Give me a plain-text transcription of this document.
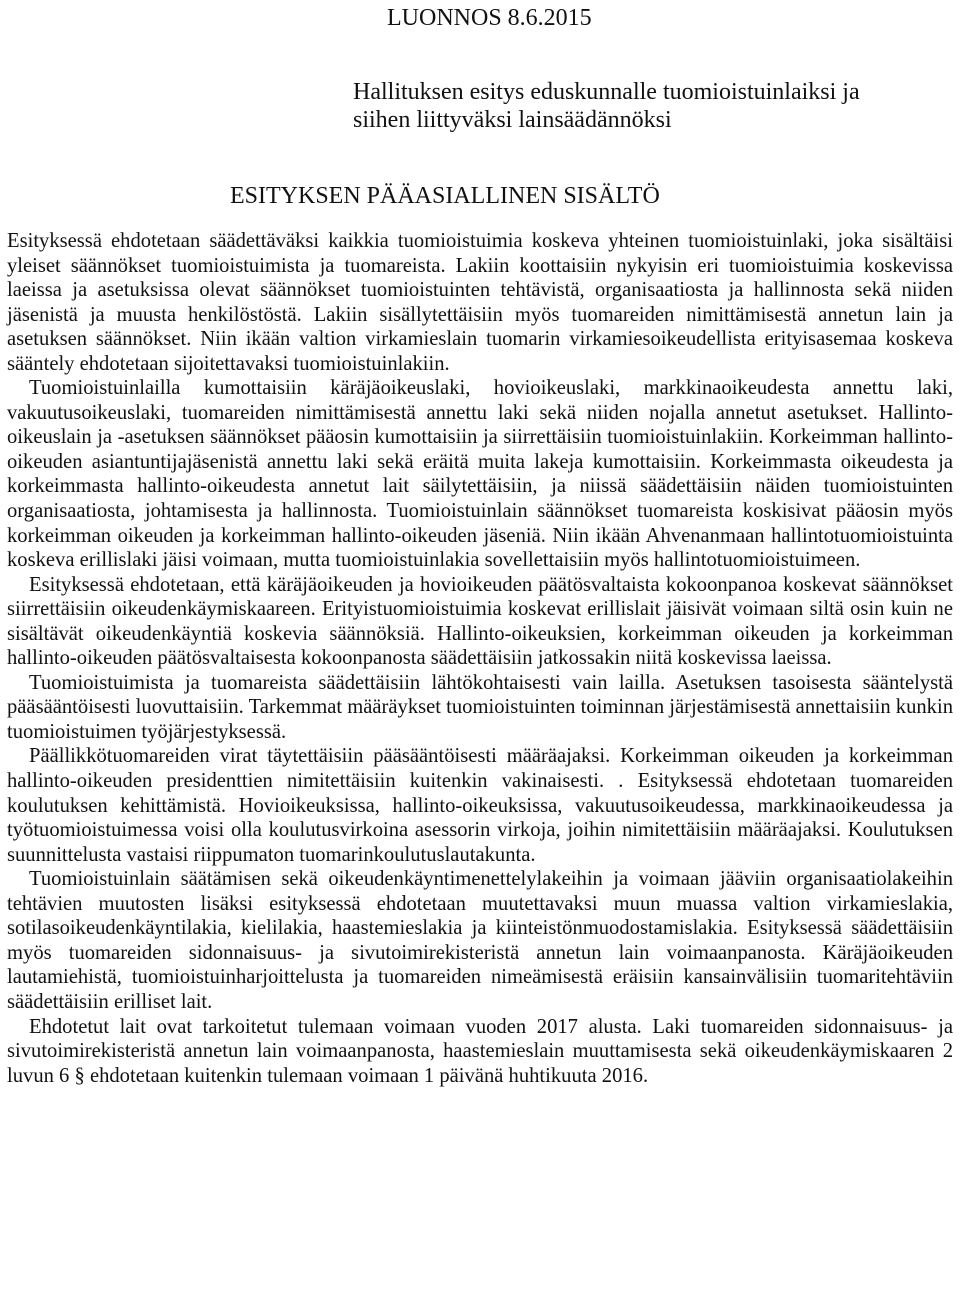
LUONNOS 8.6.2015
Hallituksen esitys eduskunnalle tuomioistuinlaiksi ja
siihen liittyväksi lainsäädännöksi
ESITYKSEN PÄÄASIALLINEN SISÄLTÖ

Esityksessä ehdotetaan säädettäväksi kaikkia tuomioistuimia koskeva yhteinen tuomioistuinlaki, joka sisältäisi yleiset säännökset tuomioistuimista ja tuomareista. Lakiin koottaisiin nykyisin eri tuomioistuimia koskevissa laeissa ja asetuksissa olevat säännökset tuomioistuinten tehtävistä, organisaatiosta ja hallinnosta sekä niiden jäsenistä ja muusta henkilöstöstä. Lakiin sisällytettäisiin myös tuomareiden nimittämisestä annetun lain ja asetuksen säännökset. Niin ikään valtion virkamieslain tuomarin virkamiesoikeudellista erityisasemaa koskeva sääntely ehdotetaan sijoitettavaksi tuomioistuinlakiin.

Tuomioistuinlailla kumottaisiin käräjäoikeuslaki, hovioikeuslaki, markkinaoikeudesta annettu laki, vakuutusoikeuslaki, tuomareiden nimittämisestä annettu laki sekä niiden nojalla annetut asetukset. Hallinto-oikeuslain ja -asetuksen säännökset pääosin kumottaisiin ja siirrettäisiin tuomioistuinlakiin. Korkeimman hallinto-oikeuden asiantuntijajäsenistä annettu laki sekä eräitä muita lakeja kumottaisiin. Korkeimmasta oikeudesta ja korkeimmasta hallinto-oikeudesta annetut lait säilytettäisiin, ja niissä säädettäisiin näiden tuomioistuinten organisaatiosta, johtamisesta ja hallinnosta. Tuomioistuinlain säännökset tuomareista koskisivat pääosin myös korkeimman oikeuden ja korkeimman hallinto-oikeuden jäseniä. Niin ikään Ahvenanmaan hallintotuomioistuinta koskeva erillislaki jäisi voimaan, mutta tuomioistuinlakia sovellettaisiin myös hallintotuomioistuimeen.

Esityksessä ehdotetaan, että käräjäoikeuden ja hovioikeuden päätösvaltaista kokoonpanoa koskevat säännökset siirrettäisiin oikeudenkäymiskaareen. Erityistuomioistuimia koskevat erillislait jäisivät voimaan siltä osin kuin ne sisältävät oikeudenkäyntiä koskevia säännöksiä. Hallinto-oikeuksien, korkeimman oikeuden ja korkeimman hallinto-oikeuden päätösvaltaisesta kokoonpanosta säädettäisiin jatkossakin niitä koskevissa laeissa.

Tuomioistuimista ja tuomareista säädettäisiin lähtökohtaisesti vain lailla. Asetuksen tasoisesta sääntelystä pääsääntöisesti luovuttaisiin. Tarkemmat määräykset tuomioistuinten toiminnan järjestämisestä annettaisiin kunkin tuomioistuimen työjärjestyksessä.

Päällikkötuomareiden virat täytettäisiin pääsääntöisesti määräajaksi. Korkeimman oikeuden ja korkeimman hallinto-oikeuden presidenttien nimitettäisiin kuitenkin vakinaisesti. . Esityksessä ehdotetaan tuomareiden koulutuksen kehittämistä. Hovioikeuksissa, hallinto-oikeuksissa, vakuutusoikeudessa, markkinaoikeudessa ja työtuomioistuimessa voisi olla koulutusvirkoina asessorin virkoja, joihin nimitettäisiin määräajaksi. Koulutuksen suunnittelusta vastaisi riippumaton tuomarinkoulutuslautakunta.

Tuomioistuinlain säätämisen sekä oikeudenkäyntimenettelylakeihin ja voimaan jääviin organisaatiolakeihin tehtävien muutosten lisäksi esityksessä ehdotetaan muutettavaksi muun muassa valtion virkamieslakia, sotilasoikeudenkäyntilakia, kielilakia, haastemieslakia ja kiinteistönmuodostamislakia. Esityksessä säädettäisiin myös tuomareiden sidonnaisuus- ja sivutoimirekisteristä annetun lain voimaanpanosta. Käräjäoikeuden lautamiehistä, tuomioistuinharjoittelusta ja tuomareiden nimeämisestä eräisiin kansainvälisiin tuomaritehtäviin säädettäisiin erilliset lait.

Ehdotetut lait ovat tarkoitetut tulemaan voimaan vuoden 2017 alusta. Laki tuomareiden sidonnaisuus- ja sivutoimirekisteristä annetun lain voimaanpanosta, haastemieslain muuttamisesta sekä oikeudenkäymiskaaren 2 luvun 6 § ehdotetaan kuitenkin tulemaan voimaan 1 päivänä huhtikuuta 2016.
